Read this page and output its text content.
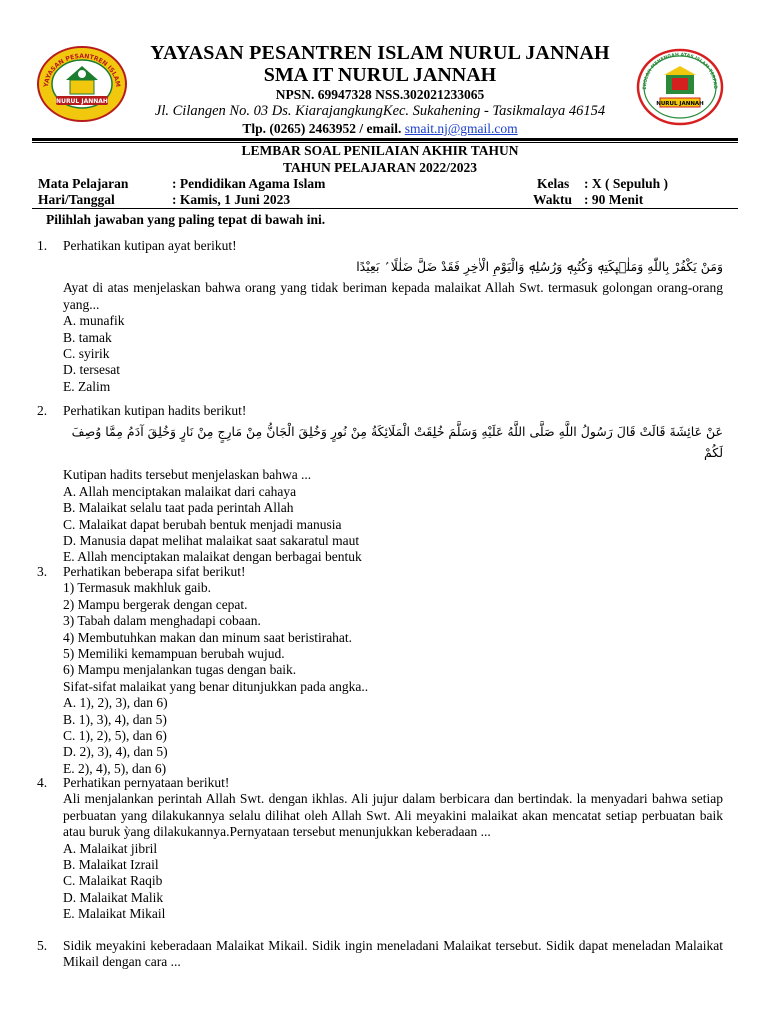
YAYASAN PESANTREN ISLAM
NURUL JANNAH
EKOLAH MENENGAH ATAS ISLAM TERPAD
NURUL JANNAH
YAYASAN PESANTREN ISLAM NURUL JANNAH
SMA IT NURUL JANNAH
NPSN. 69947328 NSS.302021233065
Jl. Cilangen No. 03 Ds. KiarajangkungKec. Sukahening - Tasikmalaya 46154
Tlp. (0265) 2463952 / email. smait.nj@gmail.com
LEMBAR SOAL PENILAIAN AKHIR TAHUN
TAHUN PELAJARAN 2022/2023
Mata Pelajaran	: Pendidikan Agama Islam	Kelas : X ( Sepuluh )
Hari/Tanggal	: Kamis, 1 Juni 2023	Waktu : 90 Menit
Pilihlah jawaban yang paling tepat di bawah ini.
1.	Perhatikan kutipan ayat berikut!
وَمَنْ يَكْفُرْ بِاللّٰهِ وَمَلٰۤىِٕكَتِهٖ وَكُتُبِهٖ وَرُسُلِهٖ وَالْيَوْمِ الْاٰخِرِ فَقَدْ ضَلَّ ضَلٰلًا ۢ بَعِيْدًا
Ayat di atas menjelaskan bahwa orang yang tidak beriman kepada malaikat Allah Swt. termasuk golongan orang-orang yang...
A. munafik
B. tamak
C. syirik
D. tersesat
E. Zalim
2.	Perhatikan kutipan hadits berikut!
عَنْ عَائِشَةَ قَالَتْ قَالَ رَسُولُ اللَّهِ صَلَّى اللَّهُ عَلَيْهِ وَسَلَّمَ خُلِقَتْ الْمَلَائِكَةُ مِنْ نُورٍ وَخُلِقَ الْجَانُّ مِنْ مَارِجٍ مِنْ نَارٍ وَخُلِقَ آدَمُ مِمَّا وُصِفَ لَكُمْ
Kutipan hadits tersebut menjelaskan bahwa ...
A. Allah menciptakan malaikat dari cahaya
B. Malaikat selalu taat pada perintah Allah
C. Malaikat dapat berubah bentuk menjadi manusia
D. Manusia dapat melihat malaikat saat sakaratul maut
E. Allah menciptakan malaikat dengan berbagai bentuk
3.	Perhatikan beberapa sifat berikut!
1) Termasuk makhluk gaib.
2) Mampu bergerak dengan cepat.
3) Tabah dalam menghadapi cobaan.
4) Membutuhkan makan dan minum saat beristirahat.
5) Memiliki kemampuan berubah wujud.
6) Mampu menjalankan tugas dengan baik.
Sifat-sifat malaikat yang benar ditunjukkan pada angka..
A. 1), 2), 3), dan 6)
B. 1), 3), 4), dan 5)
C. 1), 2), 5), dan 6)
D. 2), 3), 4), dan 5)
E. 2), 4), 5), dan 6)
4.	Perhatikan pernyataan berikut!
Ali menjalankan perintah Allah Swt. dengan ikhlas. Ali jujur dalam berbicara dan bertindak. la menyadari bahwa setiap perbuatan yang dilakukannya selalu dilihat oleh Allah Swt. Ali meyakini malaikat akan mencatat setiap perbuatan baik atau buruk ỳang dilakukannya.Pernyataan tersebut menunjukkan keberadaan ...
A. Malaikat jibril
B. Malaikat Izrail
C. Malaikat Raqib
D. Malaikat Malik
E. Malaikat Mikail
5.	Sidik meyakini keberadaan Malaikat Mikail. Sidik ingin meneladani Malaikat tersebut. Sidik dapat meneladan Malaikat Mikail dengan cara ...
